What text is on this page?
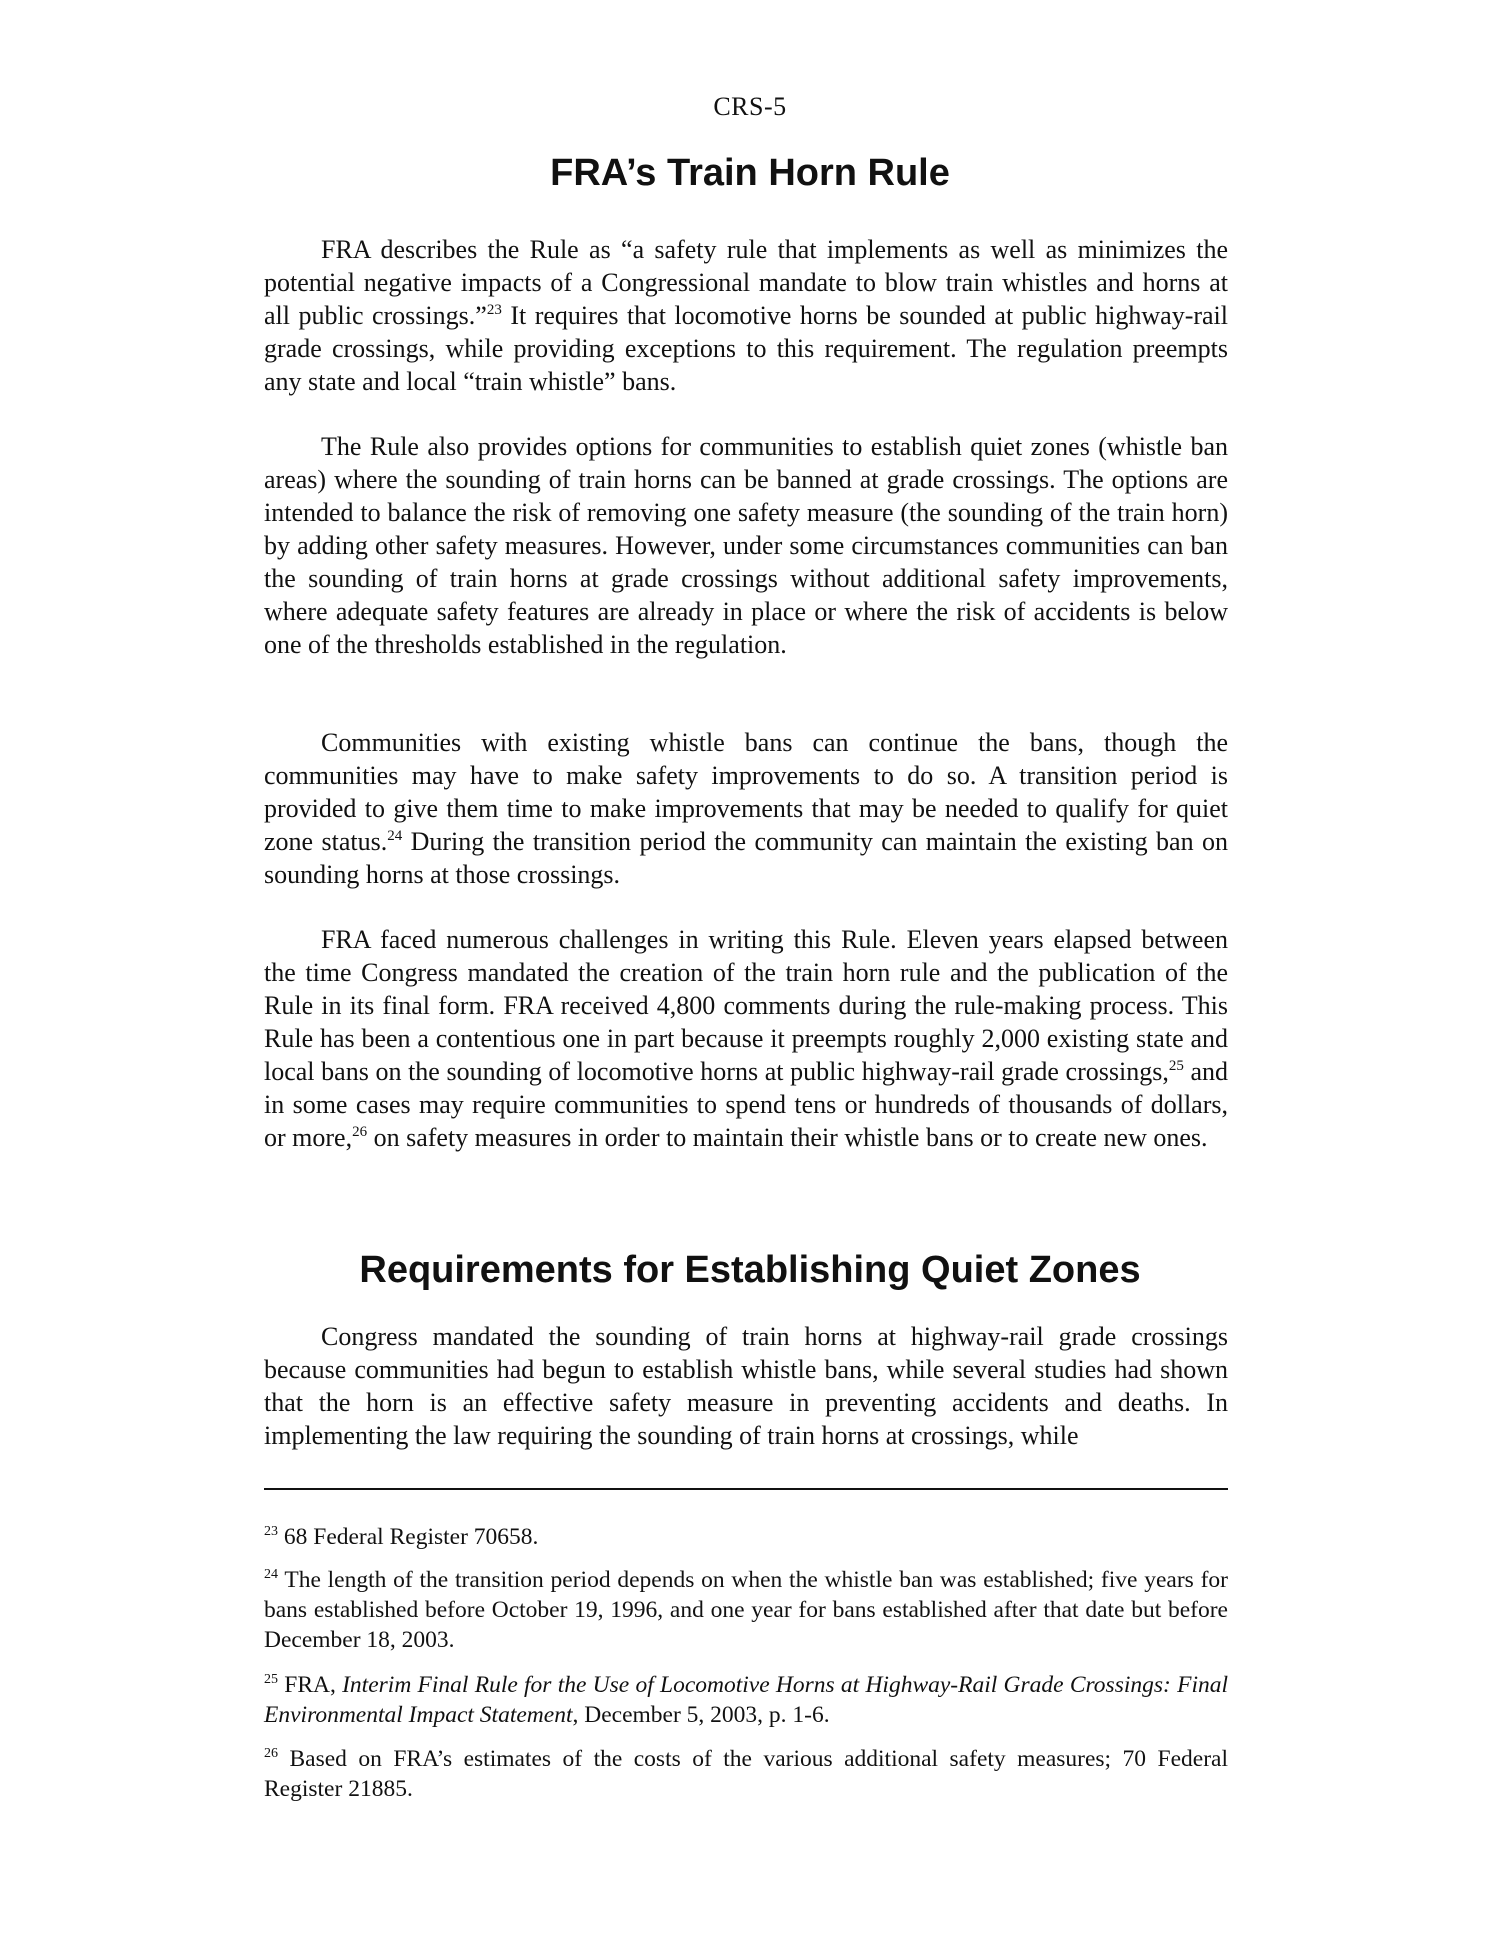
CRS-5
FRA’s Train Horn Rule

FRA describes the Rule as “a safety rule that implements as well as minimizes the potential negative impacts of a Congressional mandate to blow train whistles and horns at all public crossings.”$^{23}$ It requires that locomotive horns be sounded at public highway-rail grade crossings, while providing exceptions to this requirement. The regulation preempts any state and local “train whistle” bans.

The Rule also provides options for communities to establish quiet zones (whistle ban areas) where the sounding of train horns can be banned at grade crossings. The options are intended to balance the risk of removing one safety measure (the sounding of the train horn) by adding other safety measures. However, under some circumstances communities can ban the sounding of train horns at grade crossings without additional safety improvements, where adequate safety features are already in place or where the risk of accidents is below one of the thresholds established in the regulation.

Communities with existing whistle bans can continue the bans, though the communities may have to make safety improvements to do so. A transition period is provided to give them time to make improvements that may be needed to qualify for quiet zone status.$^{24}$ During the transition period the community can maintain the existing ban on sounding horns at those crossings.

FRA faced numerous challenges in writing this Rule. Eleven years elapsed between the time Congress mandated the creation of the train horn rule and the publication of the Rule in its final form. FRA received 4,800 comments during the rule-making process. This Rule has been a contentious one in part because it preempts roughly 2,000 existing state and local bans on the sounding of locomotive horns at public highway-rail grade crossings,$^{25}$ and in some cases may require communities to spend tens or hundreds of thousands of dollars, or more,$^{26}$ on safety measures in order to maintain their whistle bans or to create new ones.

Requirements for Establishing Quiet Zones

Congress mandated the sounding of train horns at highway-rail grade crossings because communities had begun to establish whistle bans, while several studies had shown that the horn is an effective safety measure in preventing accidents and deaths. In implementing the law requiring the sounding of train horns at crossings, while

$^{23}$ 68 Federal Register 70658.

$^{24}$ The length of the transition period depends on when the whistle ban was established; five years for bans established before October 19, 1996, and one year for bans established after that date but before December 18, 2003.

$^{25}$ FRA, Interim Final Rule for the Use of Locomotive Horns at Highway-Rail Grade Crossings: Final Environmental Impact Statement, December 5, 2003, p. 1-6.

$^{26}$ Based on FRA’s estimates of the costs of the various additional safety measures; 70 Federal Register 21885.
